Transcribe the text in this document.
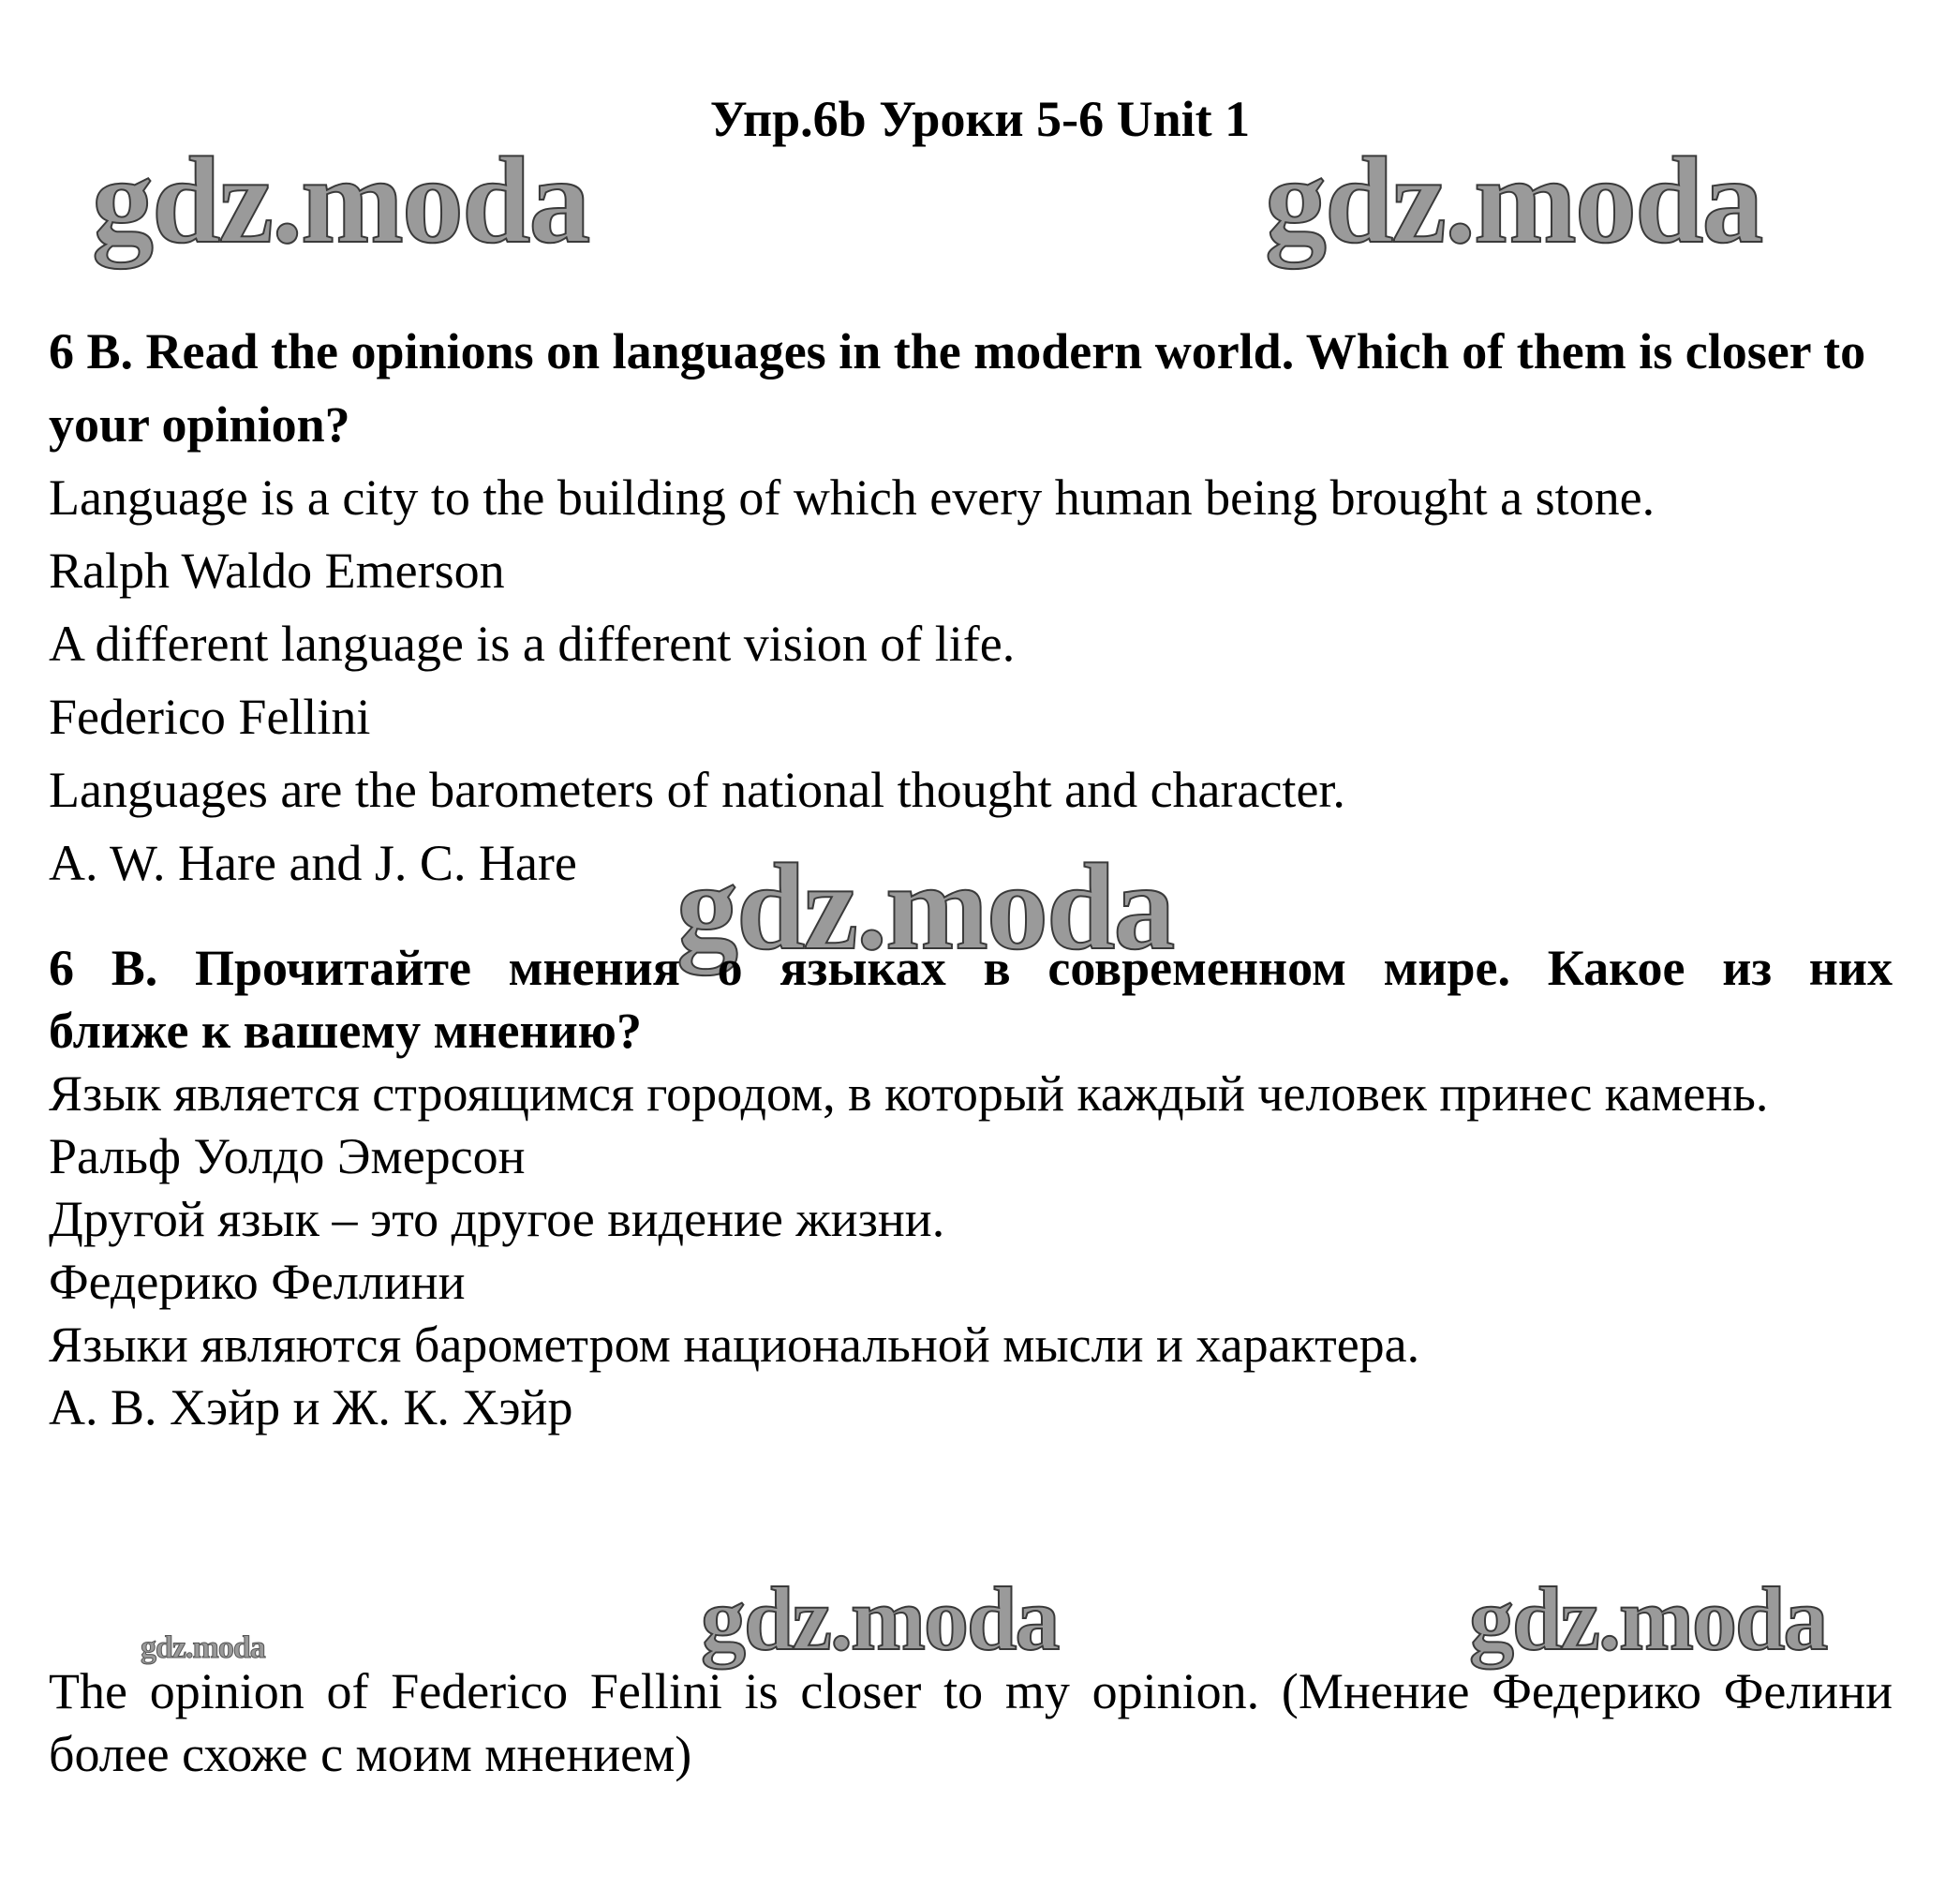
Упр.6b Уроки 5-6 Unit 1
gdz.moda	gdz.moda
gdz.moda
gdz.moda	gdz.moda
gdz.moda

6 B. Read the opinions on languages in the modern world. Which of them is closer to your opinion?

Language is a city to the building of which every human being brought a stone.

Ralph Waldo Emerson

A different language is a different vision of life.

Federico Fellini

Languages are the barometers of national thought and character.

A. W. Hare and J. C. Hare

6 B. Прочитайте мнения о языках в современном мире. Какое из них

ближе к вашему мнению?

Язык является строящимся городом, в который каждый человек принес камень.

Ральф Уолдо Эмерсон

Другой язык – это другое видение жизни.

Федерико Феллини

Языки являются барометром национальной мысли и характера.

А. В. Хэйр и Ж. К. Хэйр

The opinion of Federico Fellini is closer to my opinion. (Мнение Федерико Фелини более схоже с моим мнением)
